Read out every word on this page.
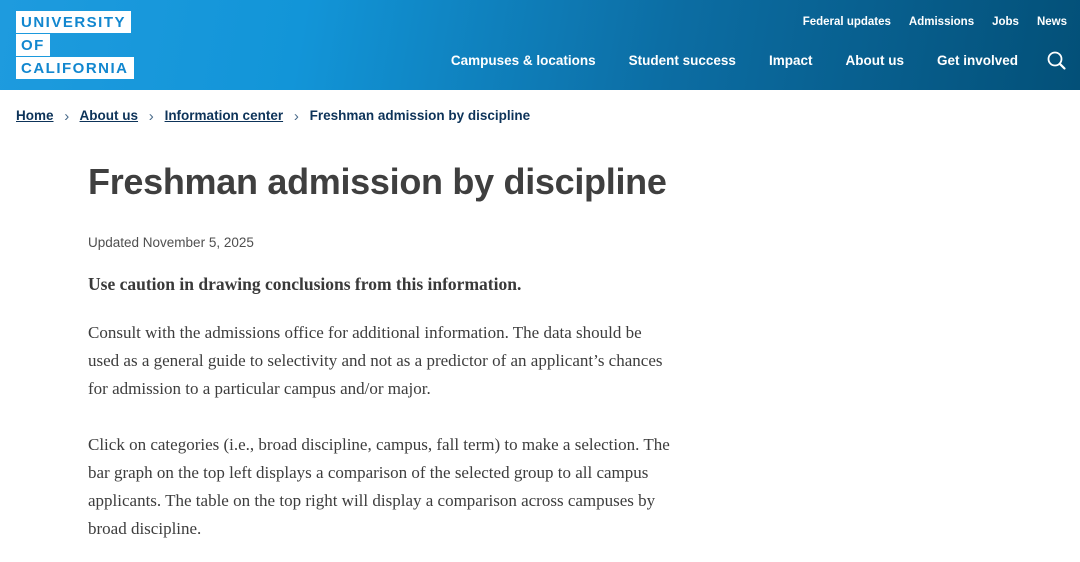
UNIVERSITY
OF
CALIFORNIA
Federal updates Admissions Jobs News
Campuses & locations Student success Impact About us Get involved
Home › About us › Information center › Freshman admission by discipline
Freshman admission by discipline

Updated November 5, 2025

Use caution in drawing conclusions from this information.

Consult with the admissions office for additional information. The data should be used as a general guide to selectivity and not as a predictor of an applicant’s chances for admission to a particular campus and/or major.

Click on categories (i.e., broad discipline, campus, fall term) to make a selection. The bar graph on the top left displays a comparison of the selected group to all campus applicants. The table on the top right will display a comparison across campuses by broad discipline.
